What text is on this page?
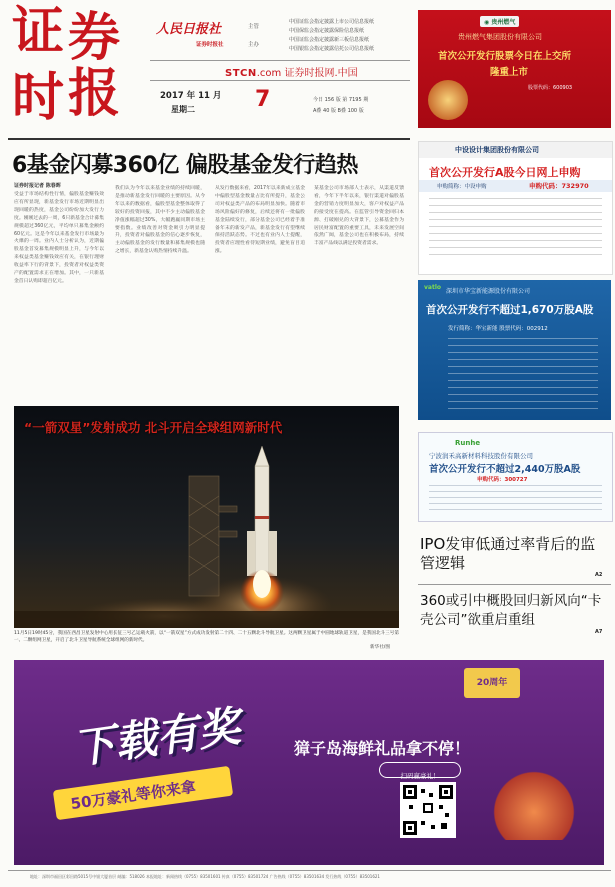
证 券
时 报
人民日报社	主管
证券时报社	主办
中国证监会指定披露上市公司信息报纸
中国保监会指定披露保险信息报纸
中国证监会指定披露新三板信息报纸
中国银监会指定披露信托公司信息报纸
STCN.com 证券时报网.中国
2017 年 11 月
星期二	7	今日 156 版 第 7195 期
A叠 40 版 B叠 100 版
6基金闪募360亿 偏股基金发行趋热
证券时报记者 陈春晖
受益于市场结构性行情，偏股基金赚钱效应有所显现，新基金发行市场近期明显出现回暖的热度，基金公司纷纷加大发行力度。刚刚过去的一周，6只新基金合计募集规模超过360亿元，平均单只募集金额约60亿元。这是今年以来基金发行市场最为火爆的一周。业内人士分析认为，近期偏股基金首发募集规模明显上升，与今年以来权益类基金赚钱效应有关，在银行理财收益率下行的背景下，投资者对权益类资产的配置需求正在增加。其中，一只新基金首日认购即超百亿元。
我们认为今年以来基金业绩的持续回暖，是推动新基金发行回暖的主要原因。从今年以来的数据看，偏股型基金整体取得了较好的投资回报，其中不少主动偏股基金净值涨幅超过30%，大幅跑赢同期市场主要指数。业绩改善对资金吸引力明显提升，投资者对偏股基金的信心逐步恢复，主动偏股基金的发行数量和募集规模也随之增长，新基金认购热情持续升温。
从发行数据来看，2017年以来新成立基金中偏股型基金数量占比有所提升，基金公司对权益类产品的布局明显加快。随着市场风险偏好的修复，后续还将有一批偏股基金陆续发行，部分基金公司已经着手准备年末的新发产品，新基金发行有望继续保持活跃态势。不过也有业内人士提醒，投资者应理性看待短期业绩，避免盲目追涨。
某基金公司市场部人士表示，从渠道反馈看，今年下半年以来，银行渠道对偏股基金的营销力度明显加大，客户对权益产品的接受度在提高。在监管引导资金回归本源、打破刚兑的大背景下，公募基金作为居民财富配置的重要工具，未来发展空间依然广阔，基金公司也在积极布局，持续丰富产品线以满足投资者需求。
“一箭双星”发射成功 北斗开启全球组网新时代
11月5日19时45分，我国在西昌卫星发射中心用长征三号乙运载火箭，以“一箭双星”方式成功发射第二十四、二十五颗北斗导航卫星。这两颗卫星属于中圆地球轨道卫星，是我国北斗三号第一、二颗组网卫星，开启了北斗卫星导航系统全球组网的新时代。
新华社/图
◉ 贵州燃气
贵州燃气集团股份有限公司
首次公开发行股票今日在上交所
隆重上市
股票代码：600903
中设设计集团股份有限公司
首次公开发行A股今日网上申购
申购简称：中设申购	申购代码：732970
深圳市华宝新能源股份有限公司
vatlo
首次公开发行不超过1,670万股A股
发行简称：华宝新能 股票代码：002912
Runhe
宁波润禾高新材料科技股份有限公司
首次公开发行不超过2,440万股A股
申购代码：300727
IPO发审低通过率背后的监管逻辑
A2
360或引中概股回归新风向“卡壳公司”欲重启重组
A7
下载有奖
50万豪礼等你来拿
獐子岛海鲜礼品拿不停！
20周年
扫码赢豪礼！
地址：深圳市福田区彩田路5015号中银大厦首层 邮编：518026 本报地址：新闻热线（0755）83501601 传真（0755）83501724 广告热线（0755）83501634 发行热线（0755）83501621
